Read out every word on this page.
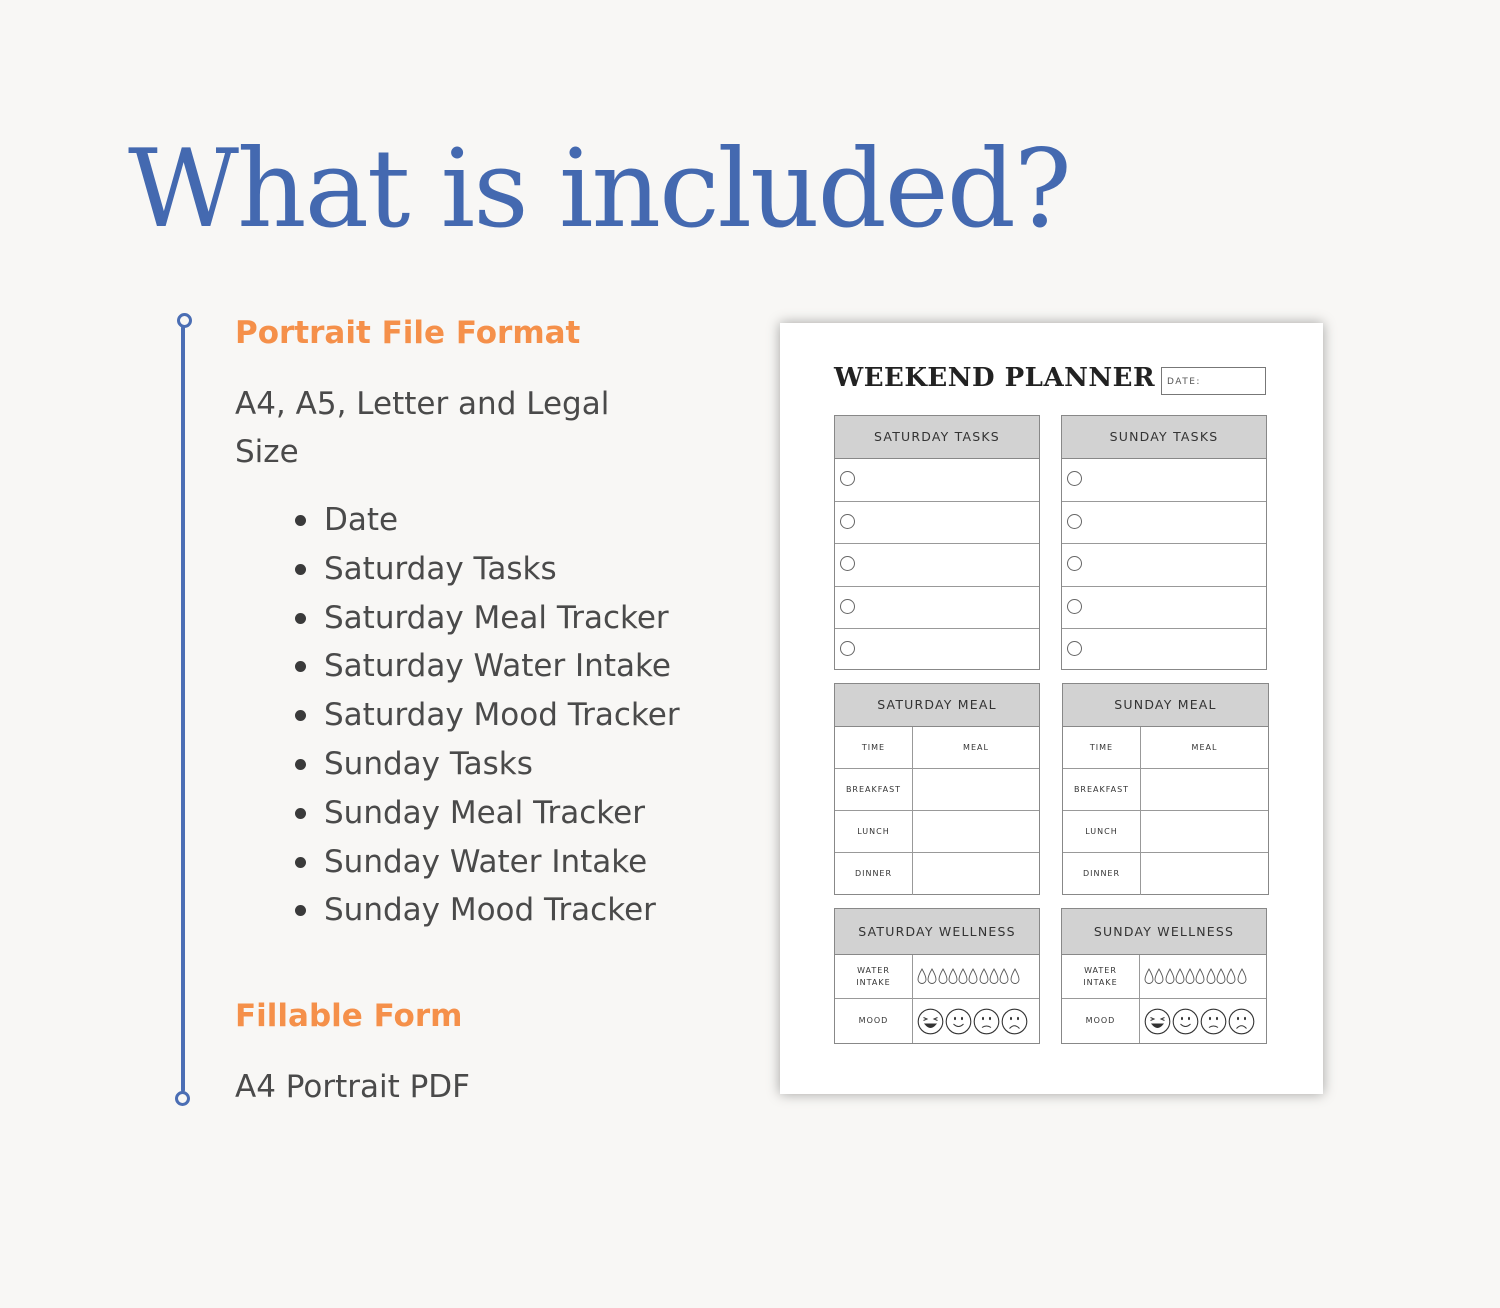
What is included?
Portrait File Format
A4, A5, Letter and Legal
Size
Date
Saturday Tasks
Saturday Meal Tracker
Saturday Water Intake
Saturday Mood Tracker
Sunday Tasks
Sunday Meal Tracker
Sunday Water Intake
Sunday Mood Tracker
Fillable Form
A4 Portrait PDF
WEEKEND PLANNER	DATE:
SATURDAY TASKS	SUNDAY TASKS
SATURDAY MEAL
TIME	MEAL
BREAKFAST
LUNCH
DINNER
SUNDAY MEAL
TIME	MEAL
BREAKFAST
LUNCH
DINNER
SATURDAY WELLNESS
WATER
INTAKE
MOOD
SUNDAY WELLNESS
WATER
INTAKE
MOOD
